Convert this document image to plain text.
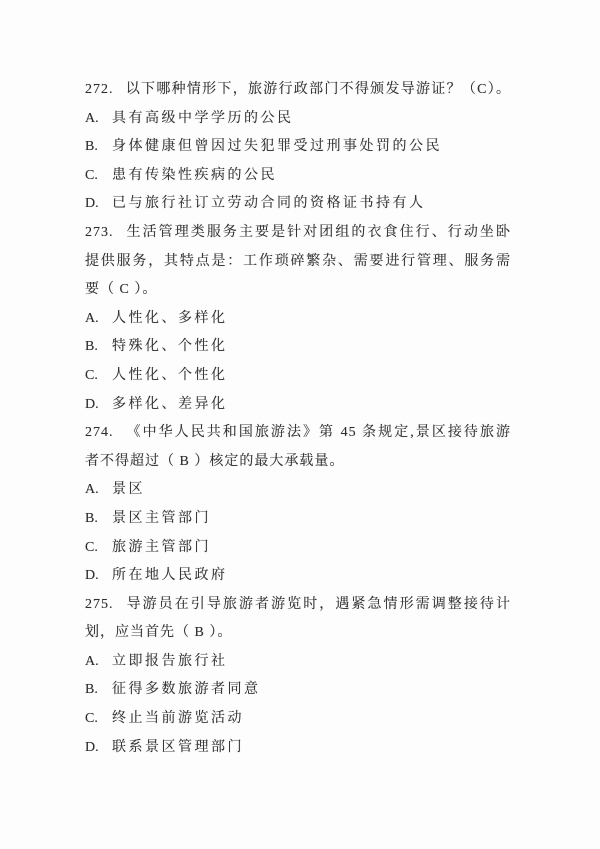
272. 以下哪种情形下，旅游行政部门不得颁发导游证？（C）。
A. 具有高级中学学历的公民
B. 身体健康但曾因过失犯罪受过刑事处罚的公民
C. 患有传染性疾病的公民
D. 已与旅行社订立劳动合同的资格证书持有人
273. 生活管理类服务主要是针对团组的衣食住行、行动坐卧
提供服务，其特点是：工作琐碎繁杂、需要进行管理、服务需
要（ C ）。
A. 人性化、多样化
B. 特殊化、个性化
C. 人性化、个性化
D. 多样化、差异化
274. 《中华人民共和国旅游法》第 45 条规定,景区接待旅游
者不得超过（ B ）核定的最大承载量。
A. 景区
B. 景区主管部门
C. 旅游主管部门
D. 所在地人民政府
275. 导游员在引导旅游者游览时，遇紧急情形需调整接待计
划，应当首先（ B ）。
A. 立即报告旅行社
B. 征得多数旅游者同意
C. 终止当前游览活动
D. 联系景区管理部门
